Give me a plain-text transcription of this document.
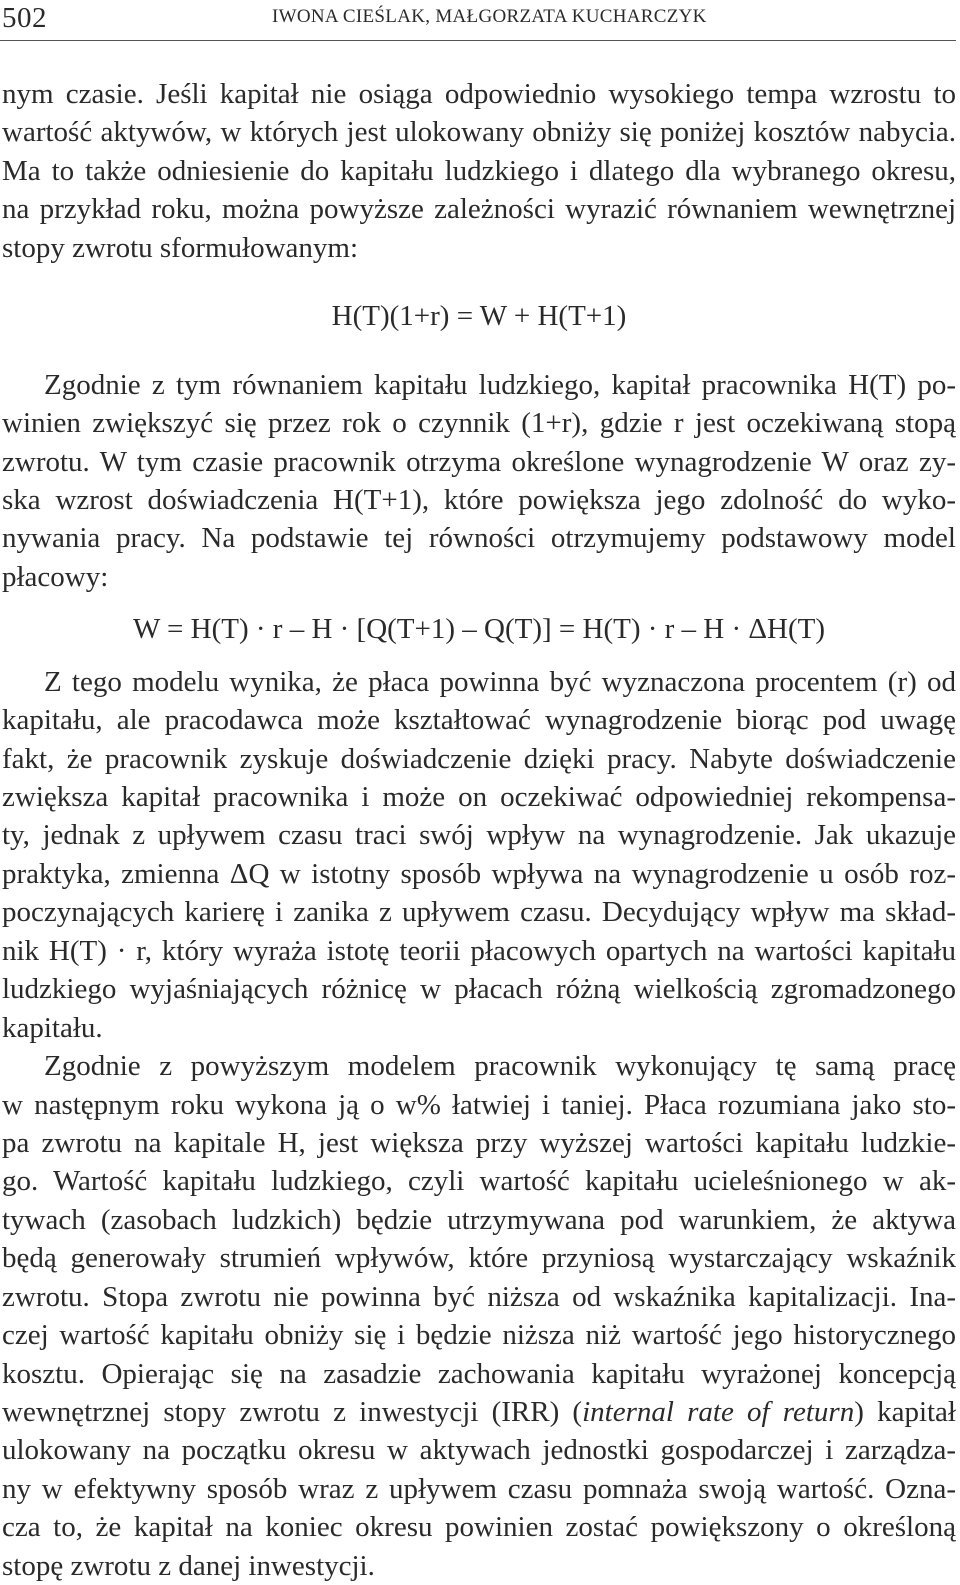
502	IWONA CIEŚLAK, MAŁGORZATA KUCHARCZYK
nym czasie. Jeśli kapitał nie osiąga odpowiednio wysokiego tempa wzrostu to
wartość aktywów, w których jest ulokowany obniży się poniżej kosztów nabycia.
Ma to także odniesienie do kapitału ludzkiego i dlatego dla wybranego okresu,
na przykład roku, można powyższe zależności wyrazić równaniem wewnętrznej
stopy zwrotu sformułowanym:
H(T)(1+r) = W + H(T+1)
Zgodnie z tym równaniem kapitału ludzkiego, kapitał pracownika H(T) po-
winien zwiększyć się przez rok o czynnik (1+r), gdzie r jest oczekiwaną stopą
zwrotu. W tym czasie pracownik otrzyma określone wynagrodzenie W oraz zy-
ska wzrost doświadczenia H(T+1), które powiększa jego zdolność do wyko-
nywania pracy. Na podstawie tej równości otrzymujemy podstawowy model
płacowy:
W = H(T) · r – H · [Q(T+1) – Q(T)] = H(T) · r – H · ΔH(T)
Z tego modelu wynika, że płaca powinna być wyznaczona procentem (r) od
kapitału, ale pracodawca może kształtować wynagrodzenie biorąc pod uwagę
fakt, że pracownik zyskuje doświadczenie dzięki pracy. Nabyte doświadczenie
zwiększa kapitał pracownika i może on oczekiwać odpowiedniej rekompensa-
ty, jednak z upływem czasu traci swój wpływ na wynagrodzenie. Jak ukazuje
praktyka, zmienna ΔQ w istotny sposób wpływa na wynagrodzenie u osób roz-
poczynających karierę i zanika z upływem czasu. Decydujący wpływ ma skład-
nik H(T) · r, który wyraża istotę teorii płacowych opartych na wartości kapitału
ludzkiego wyjaśniających różnicę w płacach różną wielkością zgromadzonego
kapitału.
Zgodnie z powyższym modelem pracownik wykonujący tę samą pracę
w następnym roku wykona ją o w% łatwiej i taniej. Płaca rozumiana jako sto-
pa zwrotu na kapitale H, jest większa przy wyższej wartości kapitału ludzkie-
go. Wartość kapitału ludzkiego, czyli wartość kapitału ucieleśnionego w ak-
tywach (zasobach ludzkich) będzie utrzymywana pod warunkiem, że aktywa
będą generowały strumień wpływów, które przyniosą wystarczający wskaźnik
zwrotu. Stopa zwrotu nie powinna być niższa od wskaźnika kapitalizacji. Ina-
czej wartość kapitału obniży się i będzie niższa niż wartość jego historycznego
kosztu. Opierając się na zasadzie zachowania kapitału wyrażonej koncepcją
wewnętrznej stopy zwrotu z inwestycji (IRR) (internal rate of return) kapitał
ulokowany na początku okresu w aktywach jednostki gospodarczej i zarządza-
ny w efektywny sposób wraz z upływem czasu pomnaża swoją wartość. Ozna-
cza to, że kapitał na koniec okresu powinien zostać powiększony o określoną
stopę zwrotu z danej inwestycji.
